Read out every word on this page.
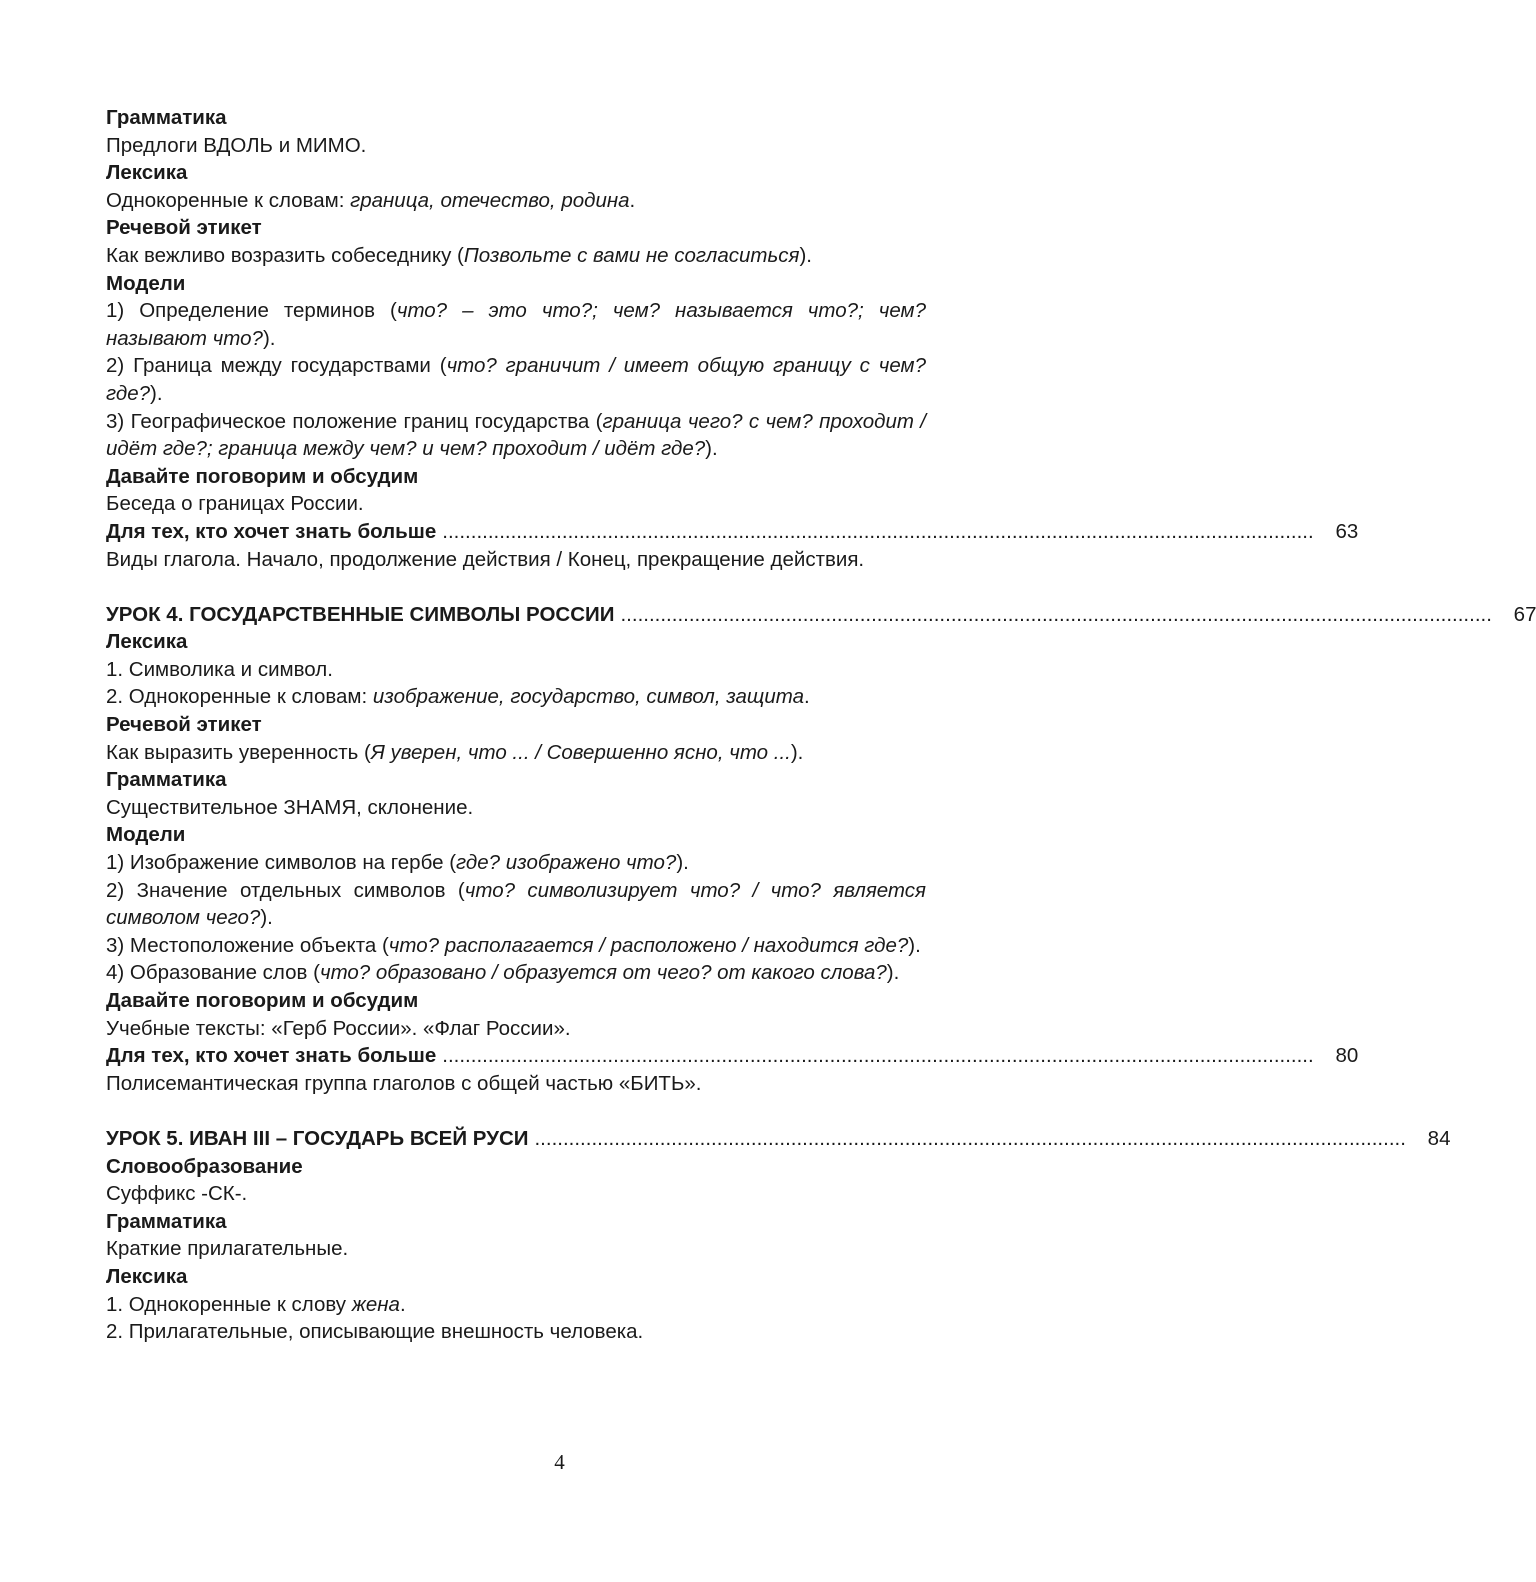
Грамматика
Предлоги ВДОЛЬ и МИМО.
Лексика
Однокоренные к словам: граница, отечество, родина.
Речевой этикет
Как вежливо возразить собеседнику (Позвольте с вами не согласиться).
Модели
1) Определение терминов (что? – это что?; чем? называется что?; чем? называют что?).
2) Граница между государствами (что? граничит / имеет общую границу с чем? где?).
3) Географическое положение границ государства (граница чего? с чем? проходит / идёт где?; граница между чем? и чем? проходит / идёт где?).
Давайте поговорим и обсудим
Беседа о границах России.
Для тех, кто хочет знать больше .........................................................................................................................................................	63
Виды глагола. Начало, продолжение действия / Конец, прекращение действия.
УРОК 4. ГОСУДАРСТВЕННЫЕ СИМВОЛЫ РОССИИ .........................................................................................................................................................	67
Лексика
1. Символика и символ.
2. Однокоренные к словам: изображение, государство, символ, защита.
Речевой этикет
Как выразить уверенность (Я уверен, что ... / Совершенно ясно, что ...).
Грамматика
Существительное ЗНАМЯ, склонение.
Модели
1) Изображение символов на гербе (где? изображено что?).
2) Значение отдельных символов (что? символизирует что? / что? является символом чего?).
3) Местоположение объекта (что? располагается / расположено / находится где?).
4) Образование слов (что? образовано / образуется от чего? от какого слова?).
Давайте поговорим и обсудим
Учебные тексты: «Герб России». «Флаг России».
Для тех, кто хочет знать больше .........................................................................................................................................................	80
Полисемантическая группа глаголов с общей частью «БИТЬ».
УРОК 5. ИВАН III – ГОСУДАРЬ ВСЕЙ РУСИ .........................................................................................................................................................	84
Словообразование
Суффикс -СК-.
Грамматика
Краткие прилагательные.
Лексика
1. Однокоренные к слову жена.
2. Прилагательные, описывающие внешность человека.
4
